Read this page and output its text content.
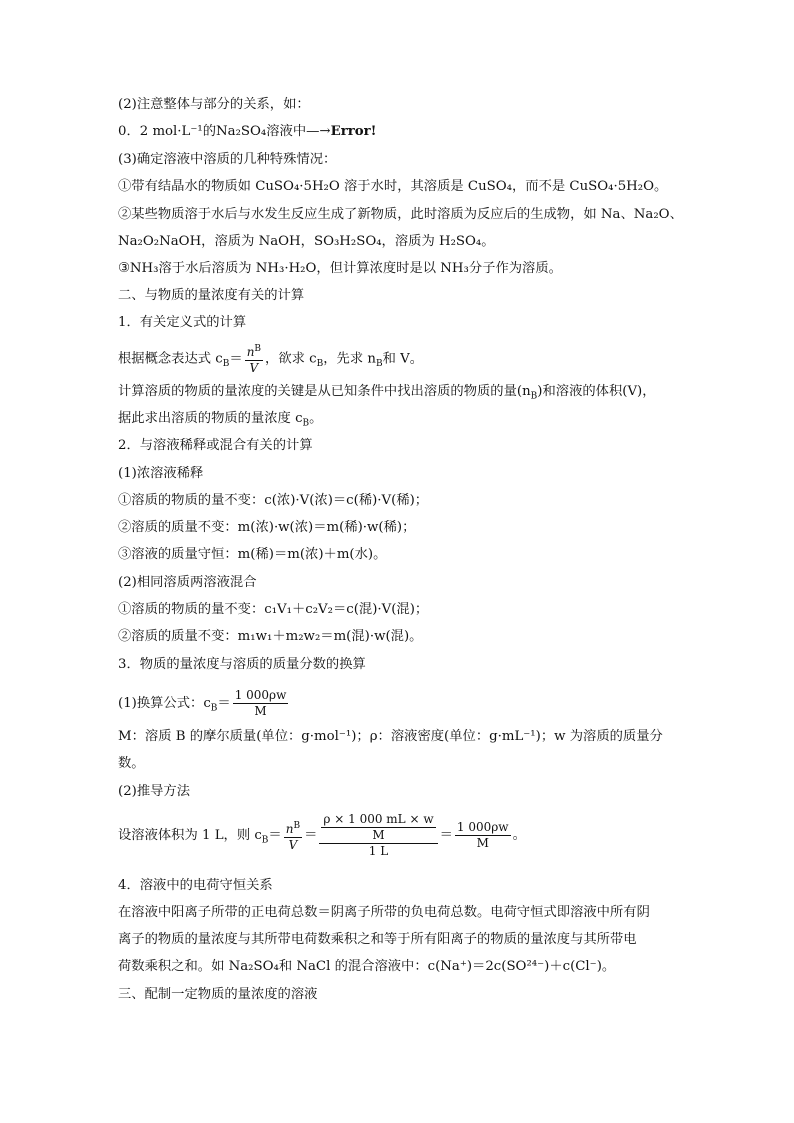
(2)注意整体与部分的关系，如：
0．2 mol·L⁻¹的Na₂SO₄溶液中—→Error!
(3)确定溶液中溶质的几种特殊情况：
①带有结晶水的物质如 CuSO₄·5H₂O 溶于水时，其溶质是 CuSO₄，而不是 CuSO₄·5H₂O。
②某些物质溶于水后与水发生反应生成了新物质，此时溶质为反应后的生成物，如 Na、Na₂O、
Na₂O₂NaOH，溶质为 NaOH，SO₃H₂SO₄，溶质为 H₂SO₄。
③NH₃溶于水后溶质为 NH₃·H₂O，但计算浓度时是以 NH₃分子作为溶质。
二、与物质的量浓度有关的计算
1．有关定义式的计算
根据概念表达式 $c_B= \frac{n^B}{V}$ ，欲求 $c_B$，先求 $n_B$和 V。
计算溶质的物质的量浓度的关键是从已知条件中找出溶质的物质的量$(n_B)$和溶液的体积(V)，
据此求出溶质的物质的量浓度 $c_B$。
2．与溶液稀释或混合有关的计算
(1)浓溶液稀释
①溶质的物质的量不变：c(浓)·V(浓)＝c(稀)·V(稀)；
②溶质的质量不变：m(浓)·w(浓)＝m(稀)·w(稀)；
③溶液的质量守恒：m(稀)＝m(浓)＋m(水)。
(2)相同溶质两溶液混合
①溶质的物质的量不变：c₁V₁＋c₂V₂＝c(混)·V(混)；
②溶质的质量不变：m₁w₁＋m₂w₂＝m(混)·w(混)。
3．物质的量浓度与溶质的质量分数的换算
(1)换算公式：$c_B= \frac{1 000\rho w}{M}$
M：溶质 B 的摩尔质量(单位：g·mol⁻¹)；ρ：溶液密度(单位：g·mL⁻¹)；w 为溶质的质量分
数。
(2)推导方法
设溶液体积为 1 L，则 $c_B= \frac{n^B}{V} = \frac{\frac{\rho \times 1 000 mL \times w}{M}}{1 L} = \frac{1 000\rho w}{M}$ 。
4．溶液中的电荷守恒关系
在溶液中阳离子所带的正电荷总数＝阴离子所带的负电荷总数。电荷守恒式即溶液中所有阴
离子的物质的量浓度与其所带电荷数乘积之和等于所有阳离子的物质的量浓度与其所带电
荷数乘积之和。如 Na₂SO₄和 NaCl 的混合溶液中：c(Na⁺)＝2c(SO²⁴⁻)＋c(Cl⁻)。
三、配制一定物质的量浓度的溶液
